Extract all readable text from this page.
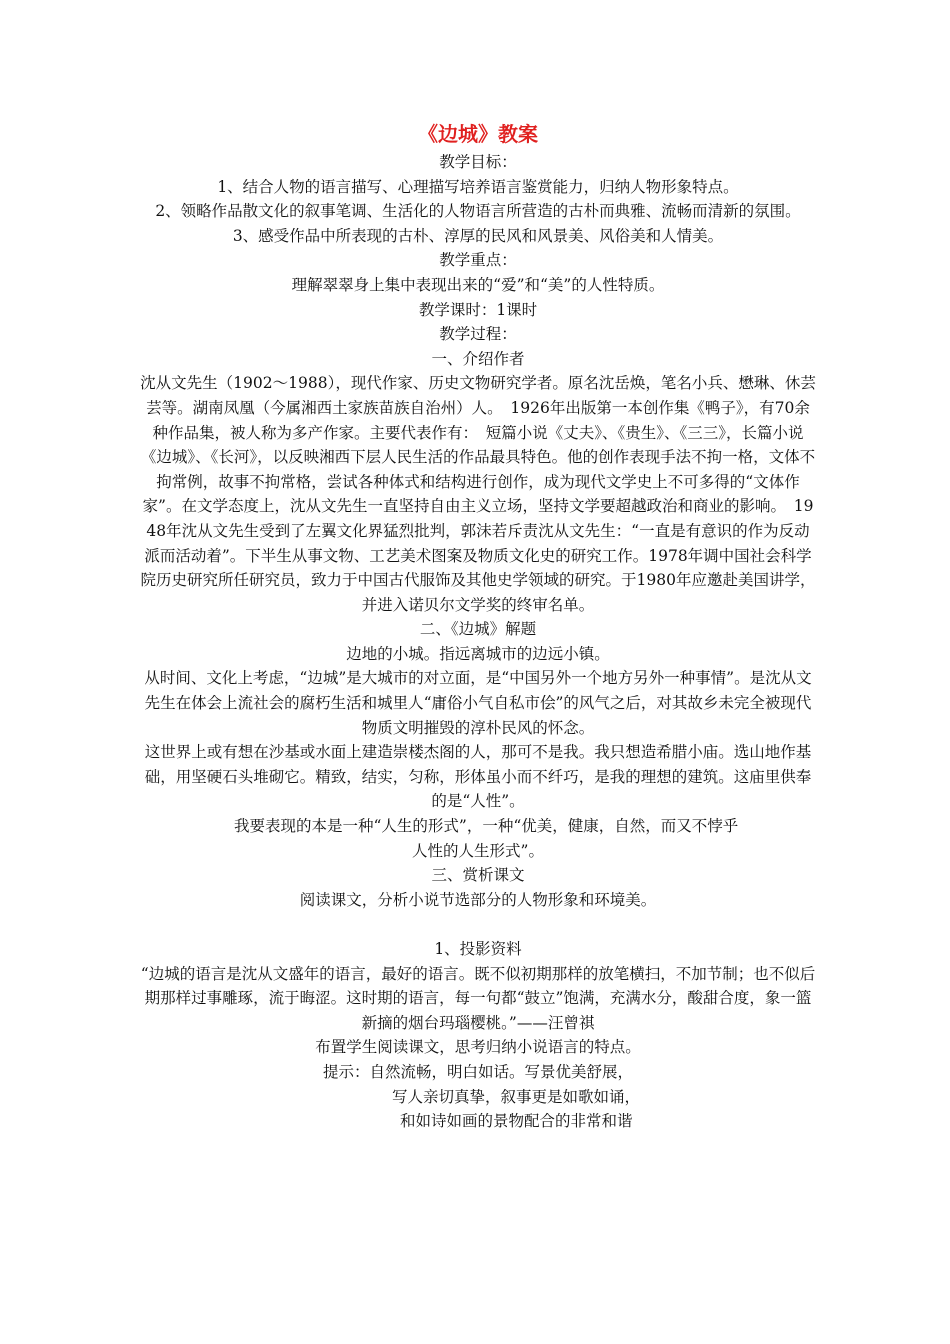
《边城》教案

教学目标：

1、结合人物的语言描写、心理描写培养语言鉴赏能力，归纳人物形象特点。

2、领略作品散文化的叙事笔调、生活化的人物语言所营造的古朴而典雅、流畅而清新的氛围。

3、感受作品中所表现的古朴、淳厚的民风和风景美、风俗美和人情美。

教学重点：

理解翠翠身上集中表现出来的“爱”和“美”的人性特质。

教学课时：1课时

教学过程：

一、介绍作者

沈从文先生（1902～1988），现代作家、历史文物研究学者。原名沈岳焕，笔名小兵、懋琳、休芸芸等。湖南凤凰（今属湘西土家族苗族自治州）人。　1926年出版第一本创作集《鸭子》，有70余种作品集，被人称为多产作家。主要代表作有：　短篇小说《丈夫》、《贵生》、《三三》，长篇小说《边城》、《长河》，以反映湘西下层人民生活的作品最具特色。他的创作表现手法不拘一格，文体不拘常例，故事不拘常格，尝试各种体式和结构进行创作，成为现代文学史上不可多得的“文体作家”。在文学态度上，沈从文先生一直坚持自由主义立场，坚持文学要超越政治和商业的影响。　1948年沈从文先生受到了左翼文化界猛烈批判，郭沫若斥责沈从文先生：“一直是有意识的作为反动派而活动着”。下半生从事文物、工艺美术图案及物质文化史的研究工作。1978年调中国社会科学院历史研究所任研究员，致力于中国古代服饰及其他史学领域的研究。于1980年应邀赴美国讲学，并进入诺贝尔文学奖的终审名单。

二、《边城》解题

边地的小城。指远离城市的边远小镇。

从时间、文化上考虑，“边城”是大城市的对立面，是“中国另外一个地方另外一种事情”。是沈从文先生在体会上流社会的腐朽生活和城里人“庸俗小气自私市侩”的风气之后，对其故乡未完全被现代物质文明摧毁的淳朴民风的怀念。

这世界上或有想在沙基或水面上建造崇楼杰阁的人，那可不是我。我只想造希腊小庙。选山地作基础，用坚硬石头堆砌它。精致，结实，匀称，形体虽小而不纤巧，是我的理想的建筑。这庙里供奉的是“人性”。

我要表现的本是一种“人生的形式”，一种“优美，健康，自然，而又不悖乎

人性的人生形式”。

三、赏析课文

阅读课文，分析小说节选部分的人物形象和环境美。

1、投影资料

“边城的语言是沈从文盛年的语言，最好的语言。既不似初期那样的放笔横扫，不加节制；也不似后期那样过事雕琢，流于晦涩。这时期的语言，每一句都“鼓立”饱满，充满水分，酸甜合度，象一篮新摘的烟台玛瑙樱桃。”——汪曾祺

布置学生阅读课文，思考归纳小说语言的特点。

提示：自然流畅，明白如话。写景优美舒展，

写人亲切真挚，叙事更是如歌如诵，

和如诗如画的景物配合的非常和谐
